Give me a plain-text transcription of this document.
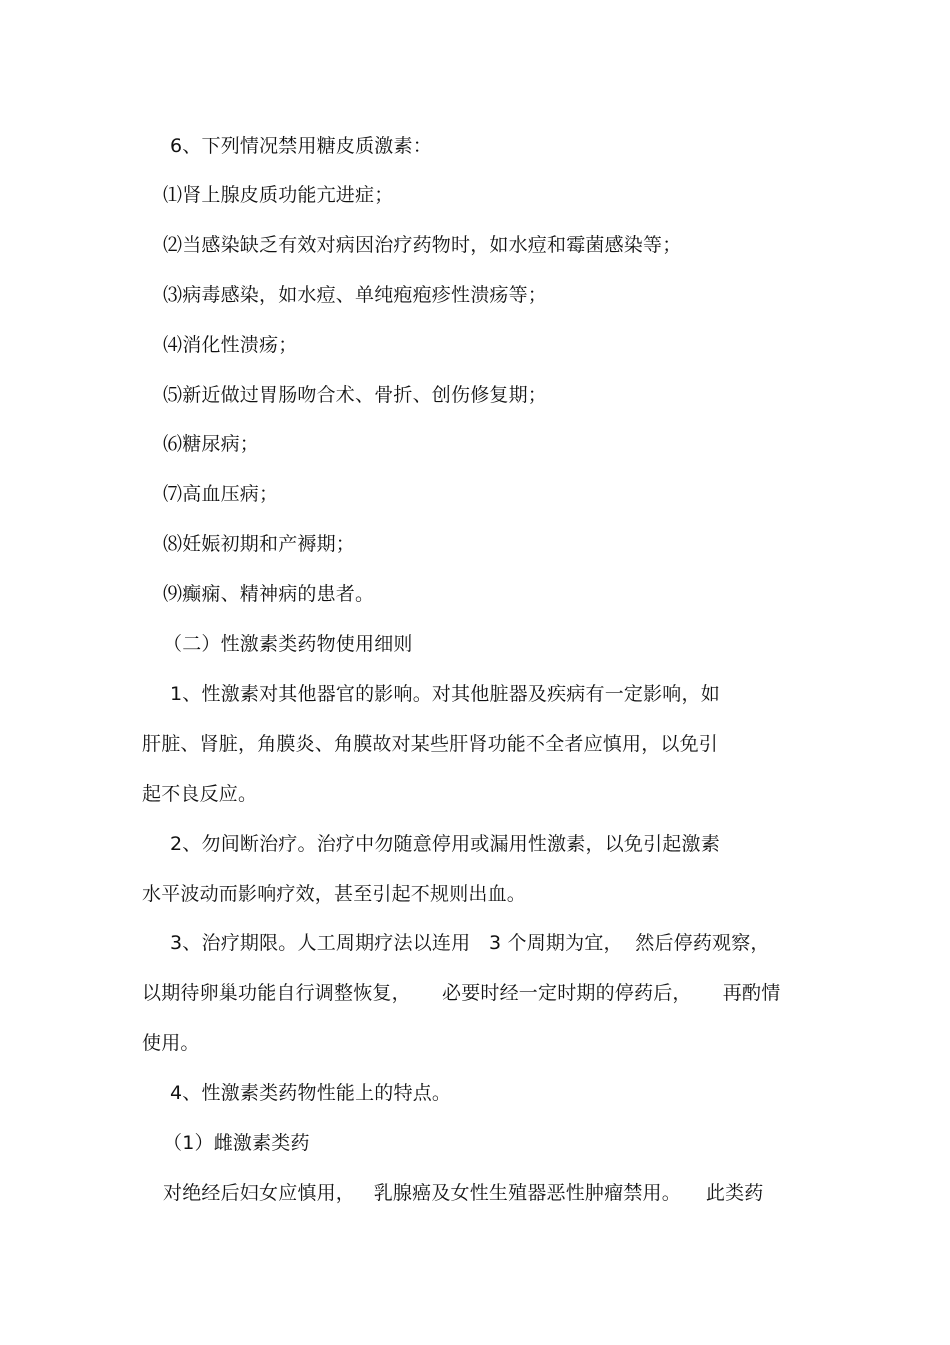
6、下列情况禁用糖皮质激素：
⑴肾上腺皮质功能亢进症；
⑵当感染缺乏有效对病因治疗药物时，如水痘和霉菌感染等；
⑶病毒感染，如水痘、单纯疱疱疹性溃疡等；
⑷消化性溃疡；
⑸新近做过胃肠吻合术、骨折、创伤修复期；
⑹糖尿病；
⑺高血压病；
⑻妊娠初期和产褥期；
⑼癫痫、精神病的患者。
（二）性激素类药物使用细则
1、性激素对其他器官的影响。对其他脏器及疾病有一定影响，如
肝脏、肾脏，角膜炎、角膜故对某些肝肾功能不全者应慎用，以免引
起不良反应。
2、勿间断治疗。治疗中勿随意停用或漏用性激素，以免引起激素
水平波动而影响疗效，甚至引起不规则出血。
3、治疗期限。人工周期疗法以连用   3 个周期为宜，  然后停药观察，
以期待卵巢功能自行调整恢复，     必要时经一定时期的停药后，     再酌情
使用。
4、性激素类药物性能上的特点。
（1）雌激素类药
对绝经后妇女应慎用，   乳腺癌及女性生殖器恶性肿瘤禁用。    此类药
